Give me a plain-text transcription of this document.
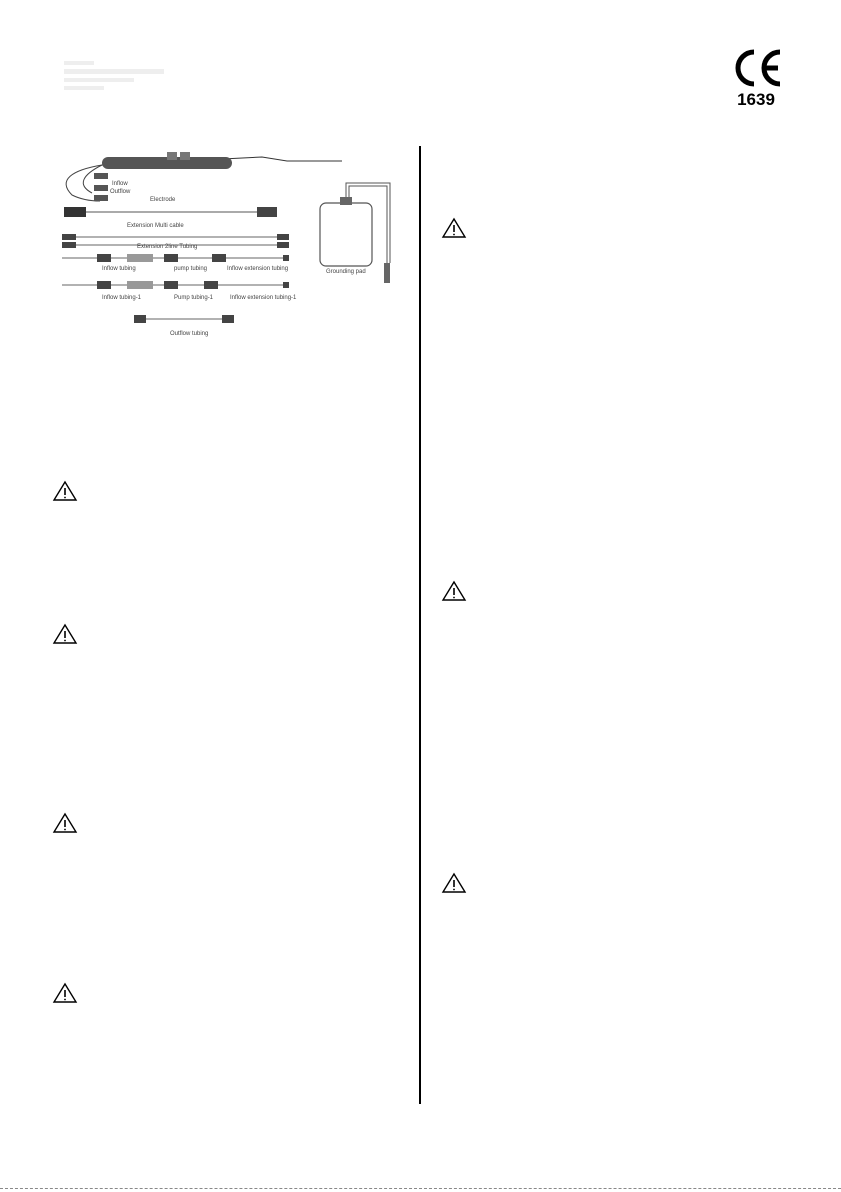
1639
Inflow
Outflow
Electrode
Extension Multi cable
Extension 2line Tubing
Inflow tubing	pump tubing	Inflow extension tubing
Inflow tubing-1	Pump tubing-1	Inflow extension tubing-1
Outflow tubing
Grounding pad
